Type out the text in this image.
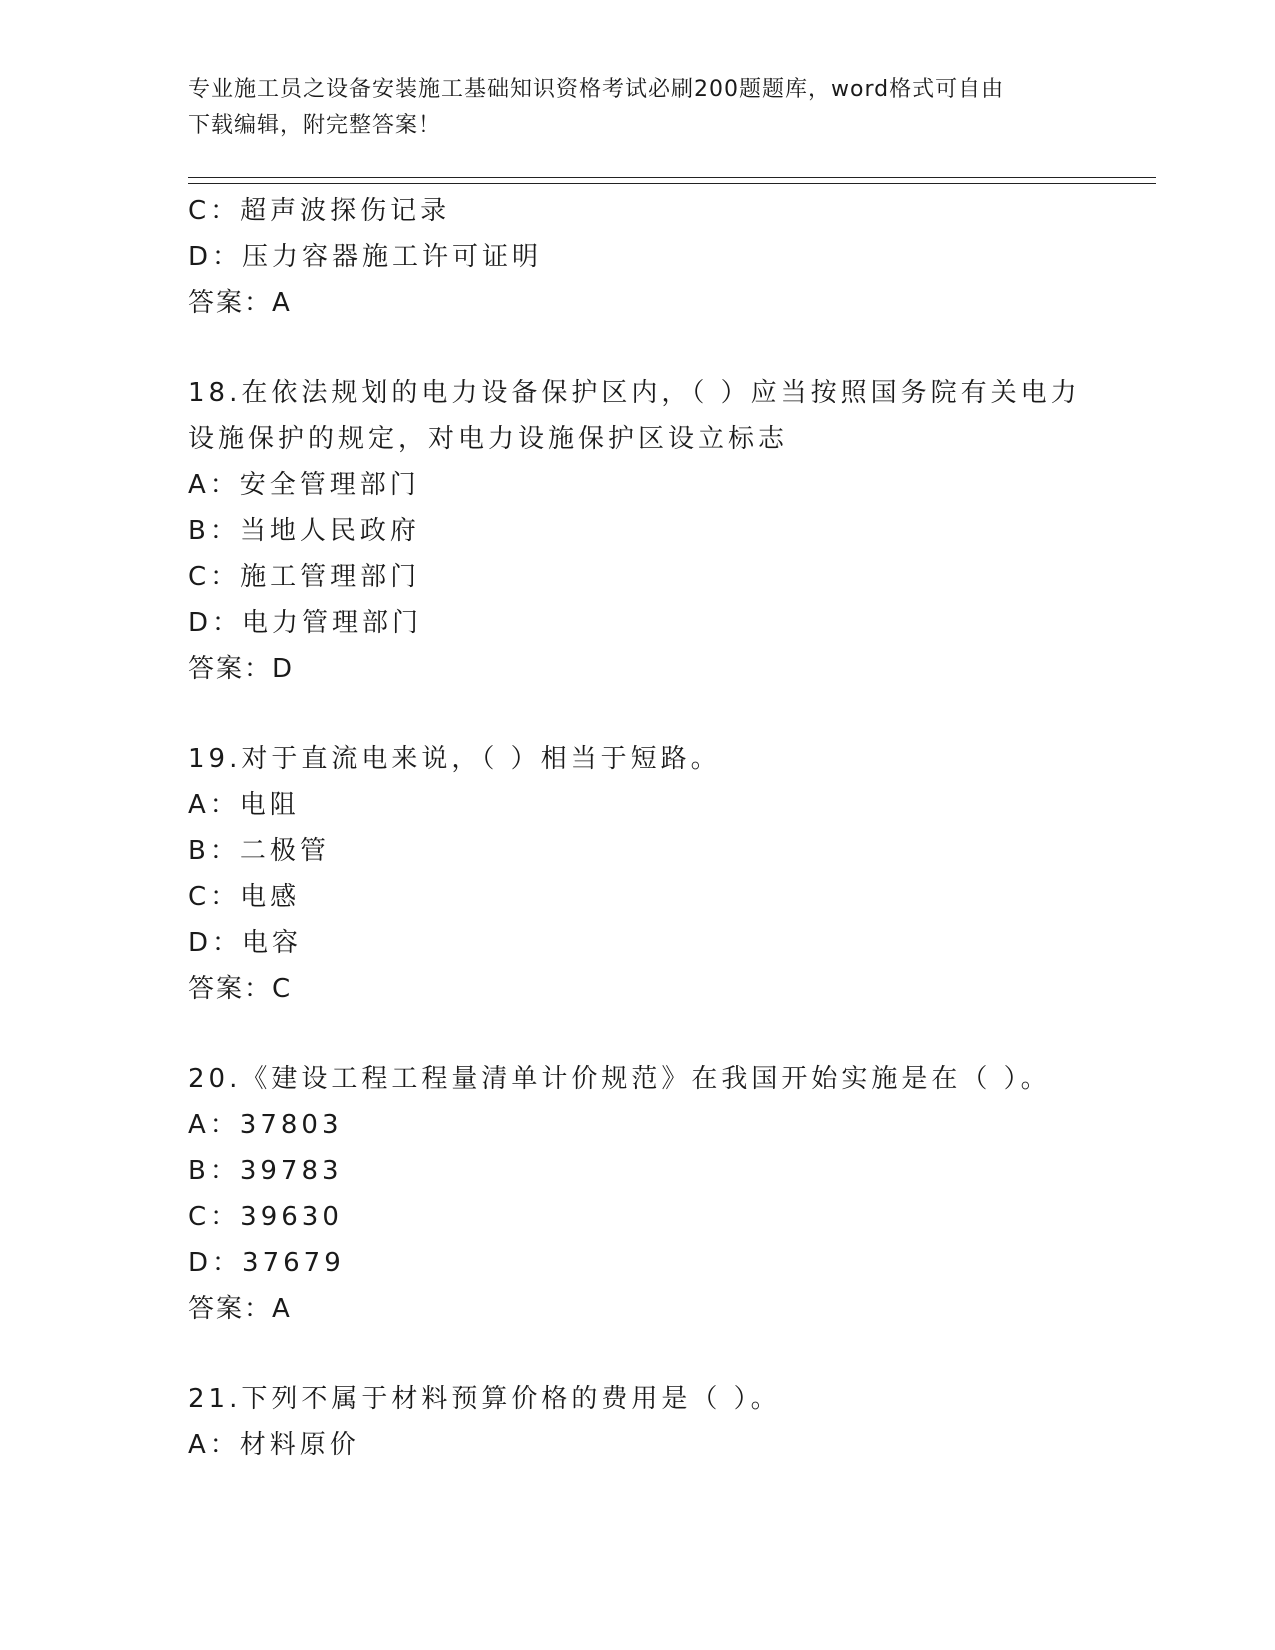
专业施工员之设备安装施工基础知识资格考试必刷200题题库，word格式可自由
下载编辑，附完整答案！
C：超声波探伤记录
D：压力容器施工许可证明
答案：A
18.在依法规划的电力设备保护区内，（ ）应当按照国务院有关电力
设施保护的规定，对电力设施保护区设立标志
A：安全管理部门
B：当地人民政府
C：施工管理部门
D：电力管理部门
答案：D
19.对于直流电来说，（ ）相当于短路。
A：电阻
B：二极管
C：电感
D：电容
答案：C
20.《建设工程工程量清单计价规范》在我国开始实施是在（ ）。
A：37803
B：39783
C：39630
D：37679
答案：A
21.下列不属于材料预算价格的费用是（ ）。
A：材料原价
